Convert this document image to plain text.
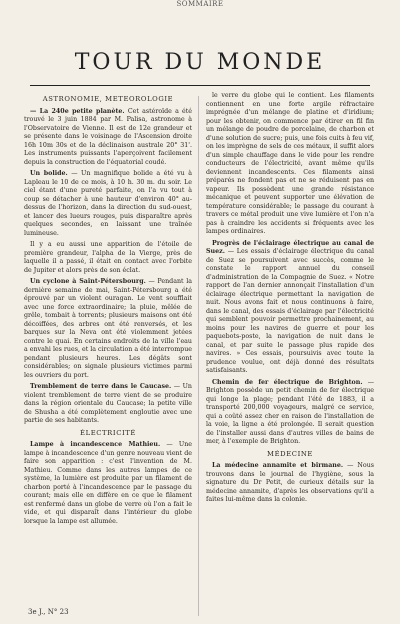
SOMMAIRE
TOUR DU MONDE
ASTRONOMIE, METEOROLOGIE

— La 240e petite planète. Cet astéroïde a été trouvé le 3 juin 1884 par M. Palisa, astronome à l'Observatoire de Vienne. Il est de 12e grandeur et se présente dans le voisinage de l'Ascension droite 16h 10m 30s et de la déclinaison australe 20° 31'. Les instruments puissants l'aperçoivent facilement depuis la construction de l'équatorial coudé.

Un bolide. — Un magnifique bolide a été vu à Lapleau le 10 de ce mois, à 10 h. 30 m. du soir. Le ciel étant d'une pureté parfaite, on l'a vu tout à coup se détacher à une hauteur d'environ 40° au-dessus de l'horizon, dans la direction du sud-ouest, et lancer des lueurs rouges, puis disparaître après quelques secondes, en laissant une traînée lumineuse.

Il y a eu aussi une apparition de l'étoile de première grandeur, l'alpha de la Vierge, près de laquelle il a passé, il était en contact avec l'orbite de Jupiter et alors près de son éclat.

Un cyclone à Saint-Pétersbourg. — Pendant la dernière semaine de mai, Saint-Pétersbourg a été éprouvé par un violent ouragan. Le vent soufflait avec une force extraordinaire; la pluie, mêlée de grêle, tombait à torrents; plusieurs maisons ont été décoiffées, des arbres ont été renversés, et les barques sur la Neva ont été violemment jetées contre le quai. En certains endroits de la ville l'eau a envahi les rues, et la circulation a été interrompue pendant plusieurs heures. Les dégâts sont considérables; on signale plusieurs victimes parmi les ouvriers du port.

Tremblement de terre dans le Caucase. — Un violent tremblement de terre vient de se produire dans la région orientale du Caucase; la petite ville de Shusha a été complètement engloutie avec une partie de ses habitants.

ÉLECTRICITÉ

Lampe à incandescence Mathieu. — Une lampe à incandescence d'un genre nouveau vient de faire son apparition : c'est l'invention de M. Mathieu. Comme dans les autres lampes de ce système, la lumière est produite par un filament de charbon porté à l'incandescence par le passage du courant; mais elle en diffère en ce que le filament est renfermé dans un globe de verre où l'on a fait le vide, et qui disparaît dans l'intérieur du globe lorsque la lampe est allumée.

le verre du globe qui le contient. Les filaments contiennent en une forte argile réfractaire imprégnée d'un mélange de platine et d'iridium; pour les obtenir, on commence par étirer en fil fin un mélange de poudre de porcelaine, de charbon et d'une solution de sucre; puis, une fois cuits à feu vif, on les imprègne de sels de ces métaux, il suffit alors d'un simple chauffage dans le vide pour les rendre conducteurs de l'électricité, avant même qu'ils deviennent incandescents. Ces filaments ainsi préparés ne fondent pas et ne se réduisent pas en vapeur. Ils possèdent une grande résistance mécanique et peuvent supporter une élévation de température considérable; le passage du courant à travers ce métal produit une vive lumière et l'on n'a pas à craindre les accidents si fréquents avec les lampes ordinaires.

Progrès de l'éclairage électrique au canal de Suez. — Les essais d'éclairage électrique du canal de Suez se poursuivent avec succès, comme le constate le rapport annuel du conseil d'administration de la Compagnie de Suez. « Notre rapport de l'an dernier annonçait l'installation d'un éclairage électrique permettant la navigation de nuit. Nous avons fait et nous continuons à faire, dans le canal, des essais d'éclairage par l'électricité qui semblent pouvoir permettre prochainement, au moins pour les navires de guerre et pour les paquebots-poste, la navigation de nuit dans le canal, et par suite le passage plus rapide des navires. » Ces essais, poursuivis avec toute la prudence voulue, ont déjà donné des résultats satisfaisants.

Chemin de fer électrique de Brighton. — Brighton possède un petit chemin de fer électrique qui longe la plage; pendant l'été de 1883, il a transporté 200,000 voyageurs, malgré ce service, qui a coûté assez cher en raison de l'installation de la voie, la ligne a été prolongée. Il serait question de l'installer aussi dans d'autres villes de bains de mer, à l'exemple de Brighton.

MÉDECINE

La médecine annamite et birmane. — Nous trouvons dans le journal de l'hygiène, sous la signature du Dr Petit, de curieux détails sur la médecine annamite, d'après les observations qu'il a faites lui-même dans la colonie.

3e J., N° 23
